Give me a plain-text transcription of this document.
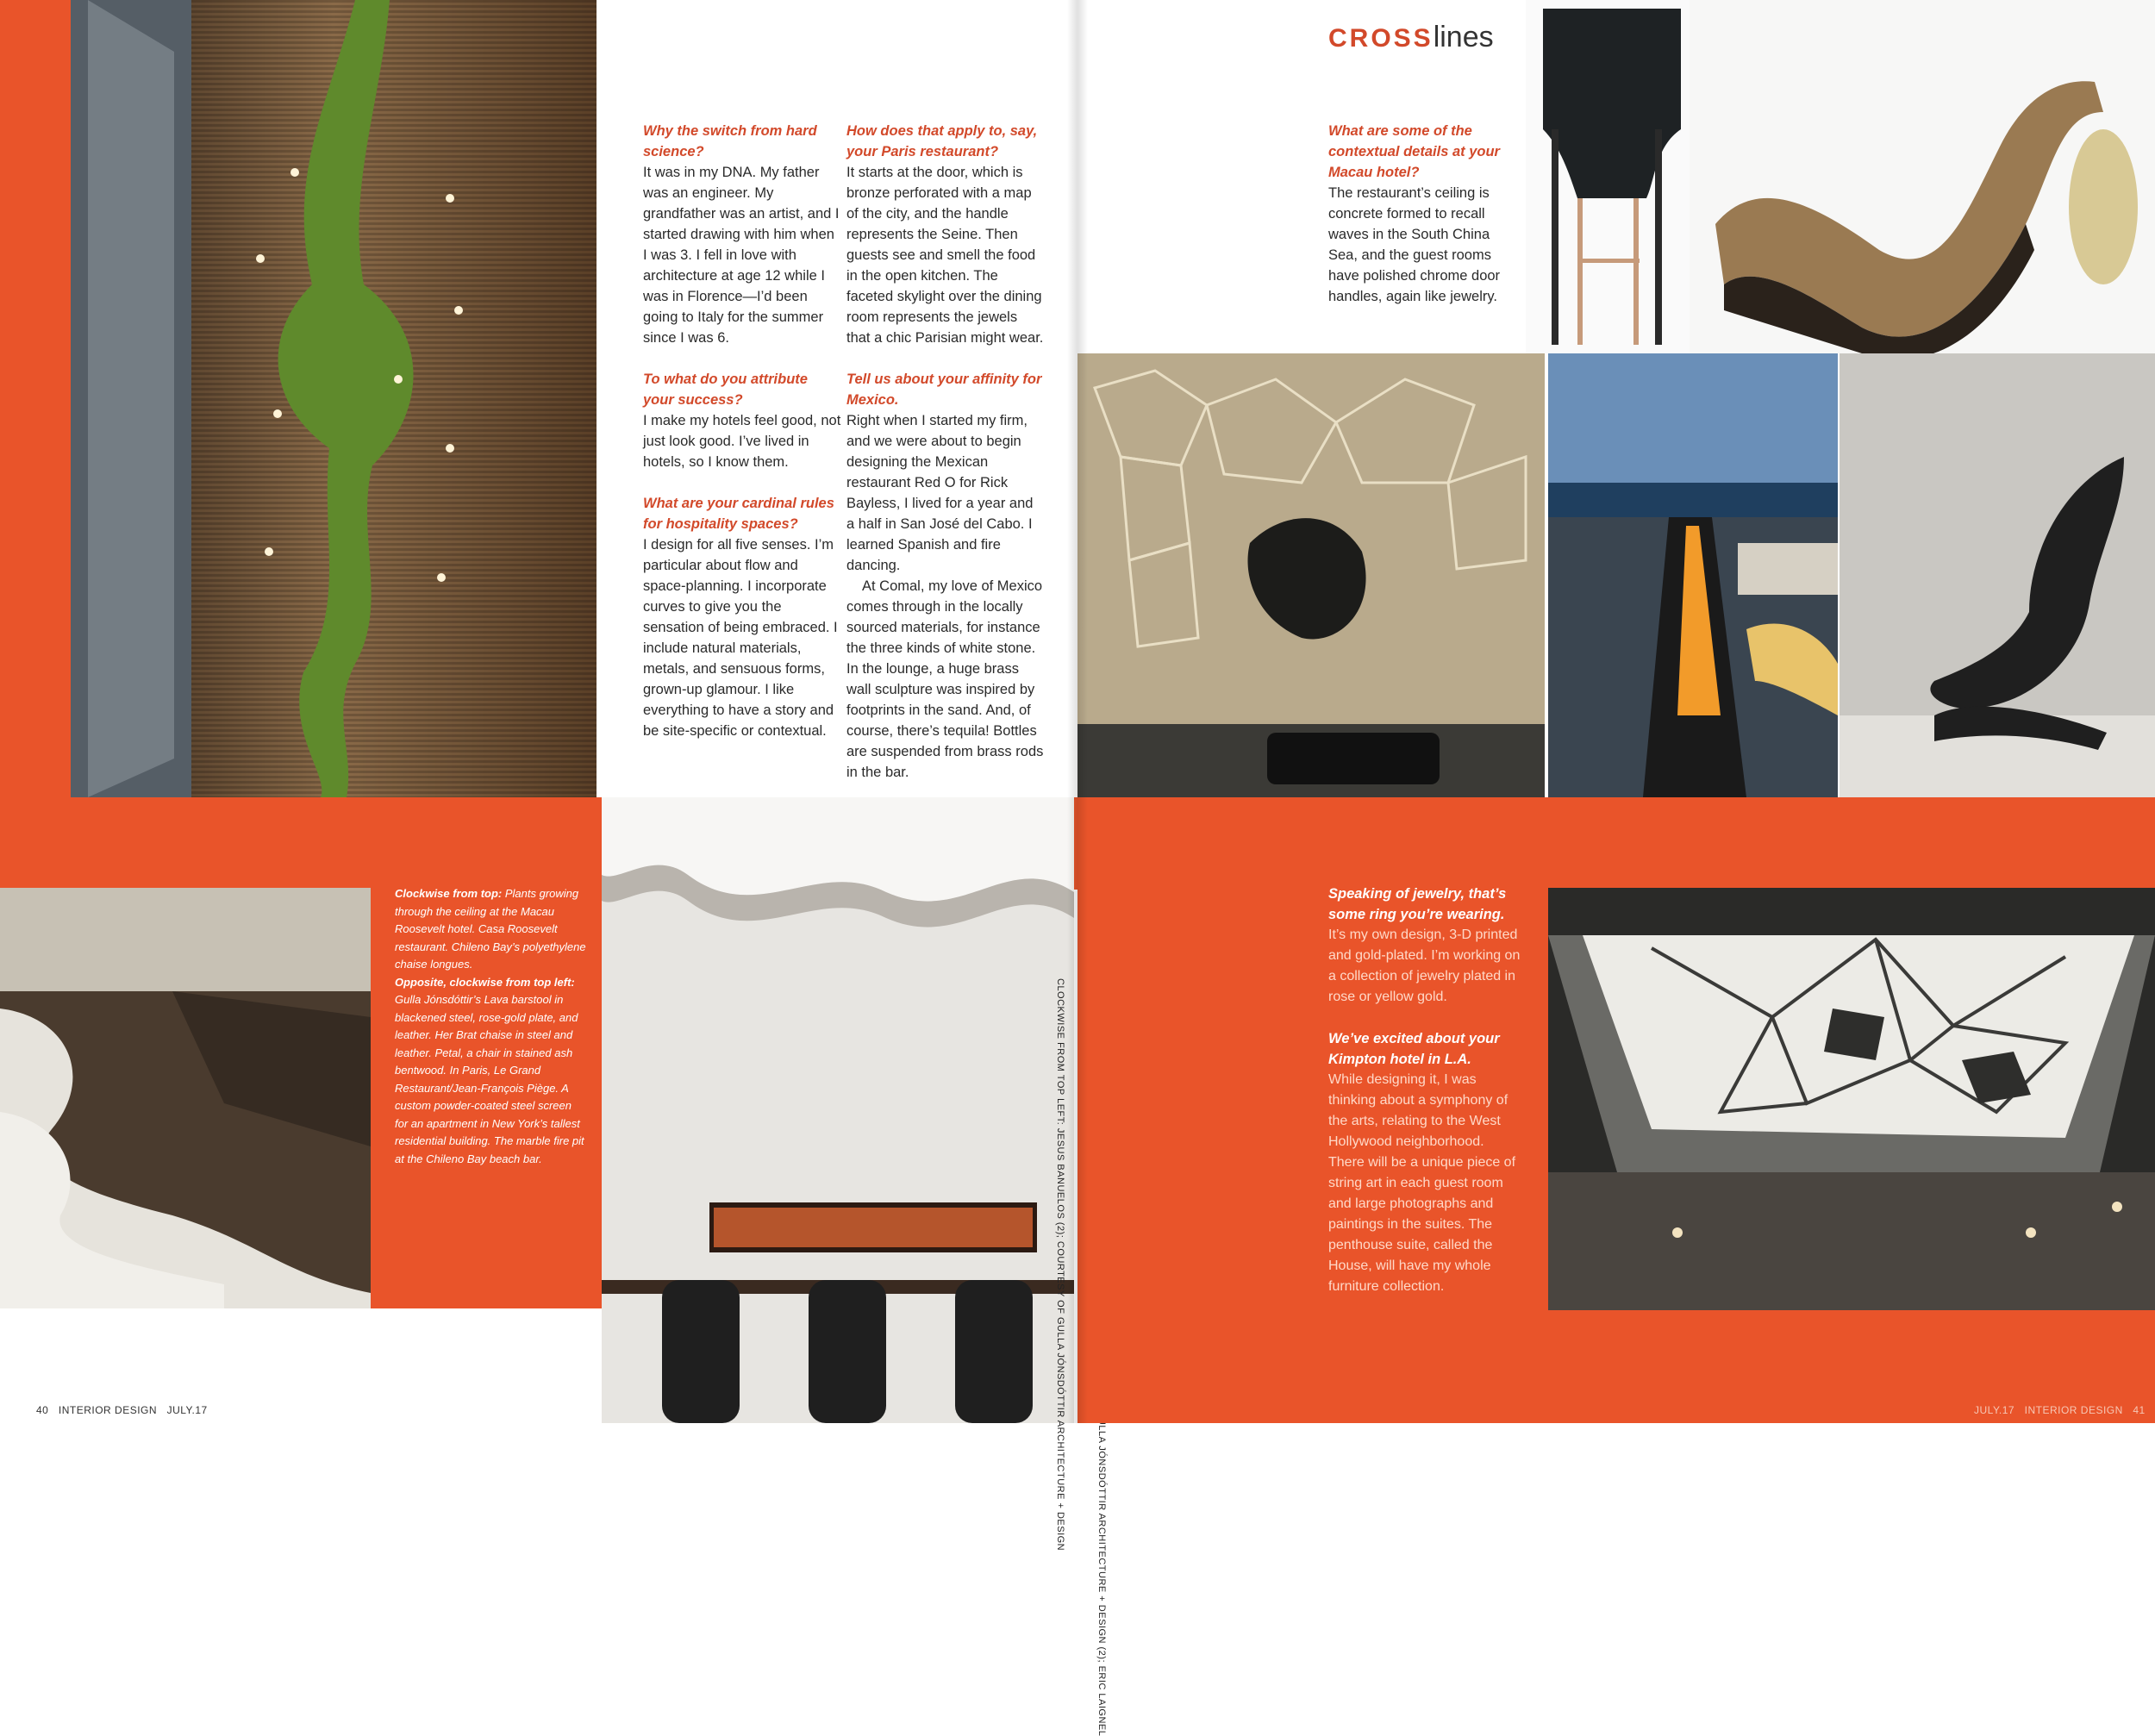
Why the switch from hard science?
It was in my DNA. My father was an engineer. My grandfather was an artist, and I started drawing with him when I was 3. I fell in love with architecture at age 12 while I was in Florence—I’d been going to Italy for the summer since I was 6.
To what do you attribute your success?
I make my hotels feel good, not just look good. I’ve lived in hotels, so I know them.
What are your cardinal rules for hospitality spaces?
I design for all five senses. I’m particular about flow and space-planning. I incorporate curves to give you the sensation of being embraced. I include natural materials, metals, and sensuous forms, grown-up glamour. I like everything to have a story and be site-specific or contextual.
How does that apply to, say, your Paris restaurant?
It starts at the door, which is bronze perforated with a map of the city, and the handle represents the Seine. Then guests see and smell the food in the open kitchen. The faceted skylight over the dining room represents the jewels that a chic Parisian might wear.
Tell us about your affinity for Mexico.
Right when I started my firm, and we were about to begin designing the Mexican restaurant Red O for Rick Bayless, I lived for a year and a half in San José del Cabo. I learned Spanish and fire dancing.
At Comal, my love of Mexico comes through in the locally sourced materials, for instance the three kinds of white stone. In the lounge, a huge brass wall sculpture was inspired by footprints in the sand. And, of course, there’s tequila! Bottles are suspended from brass rods in the bar.
Clockwise from top: Plants growing through the ceiling at the Macau Roosevelt hotel. Casa Roosevelt restaurant. Chileno Bay’s polyethylene chaise longues.
Opposite, clockwise from top left: Gulla Jónsdóttir’s Lava barstool in blackened steel, rose-gold plate, and leather. Her Brat chaise in steel and leather. Petal, a chair in stained ash bentwood. In Paris, Le Grand Restaurant/Jean-François Piège. A custom powder-coated steel screen for an apartment in New York’s tallest residential building. The marble fire pit at the Chileno Bay beach bar.	CLOCKWISE FROM TOP LEFT: JESUS BANUELOS (2); COURTESY OF GULLA JÓNSDÓTTIR ARCHITECTURE + DESIGN
40 INTERIOR DESIGN JULY.17
CROSSlines
What are some of the contextual details at your Macau hotel?
The restaurant’s ceiling is concrete formed to recall waves in the South China Sea, and the guest rooms have polished chrome door handles, again like jewelry.
Speaking of jewelry, that’s some ring you’re wearing.
It’s my own design, 3-D printed and gold-plated. I’m working on a collection of jewelry plated in rose or yellow gold.
We’ve excited about your Kimpton hotel in L.A.
While designing it, I was thinking about a symphony of the arts, relating to the West Hollywood neighborhood. There will be a unique piece of string art in each guest room and large photographs and paintings in the suites. The penthouse suite, called the House, will have my whole furniture collection.
JULY.17 INTERIOR DESIGN 41
